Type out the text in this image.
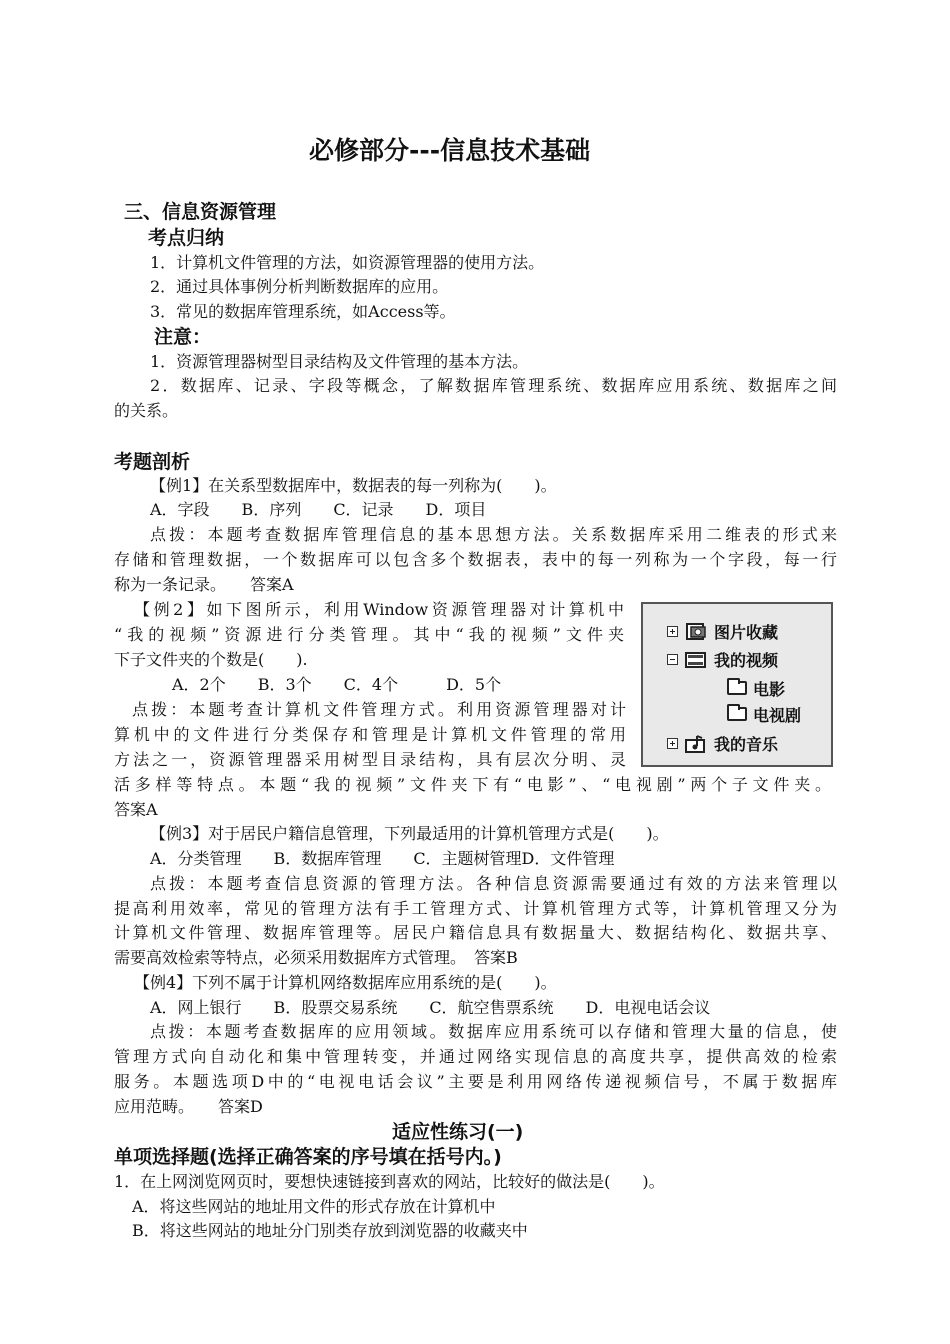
必修部分---信息技术基础
三、信息资源管理
考点归纳
1．计算机文件管理的方法，如资源管理器的使用方法。
2．通过具体事例分析判断数据库的应用。
3．常见的数据库管理系统，如Access等。
注意：
1．资源管理器树型目录结构及文件管理的基本方法。
2．数据库、记录、字段等概念，了解数据库管理系统、数据库应用系统、数据库之间
的关系。
考题剖析
【例1】在关系型数据库中，数据表的每一列称为(　　)。
A．字段　　B．序列　　C．记录　　D．项目
点拨：本题考查数据库管理信息的基本思想方法。关系数据库采用二维表的形式来
存储和管理数据，一个数据库可以包含多个数据表，表中的每一列称为一个字段，每一行
称为一条记录。　　答案A
【例2】如下图所示，利用Window资源管理器对计算机中
“我的视频”资源进行分类管理。其中“我的视频”文件夹
下子文件夹的个数是(　　).
A．2个　　B．3个　　C．4个　　　D．5个
点拨：本题考查计算机文件管理方式。利用资源管理器对计
算机中的文件进行分类保存和管理是计算机文件管理的常用
方法之一，资源管理器采用树型目录结构，具有层次分明、灵
活多样等特点。本题“我的视频”文件夹下有“电影”、“电视剧”两个子文件夹。
答案A
图片收藏
我的视频
电影
电视剧
我的音乐
【例3】对于居民户籍信息管理，下列最适用的计算机管理方式是(　　)。
A．分类管理　　B．数据库管理　　C．主题树管理D．文件管理
点拨：本题考查信息资源的管理方法。各种信息资源需要通过有效的方法来管理以
提高利用效率，常见的管理方法有手工管理方式、计算机管理方式等，计算机管理又分为
计算机文件管理、数据库管理等。居民户籍信息具有数据量大、数据结构化、数据共享、
需要高效检索等特点，必须采用数据库方式管理。　答案B
【例4】下列不属于计算机网络数据库应用系统的是(　　)。
A．网上银行　　B．股票交易系统　　C．航空售票系统　　D．电视电话会议
点拨：本题考查数据库的应用领域。数据库应用系统可以存储和管理大量的信息，使
管理方式向自动化和集中管理转变，并通过网络实现信息的高度共享，提供高效的检索
服务。本题选项D中的“电视电话会议”主要是利用网络传递视频信号，不属于数据库
应用范畴。　　答案D
适应性练习(一)
单项选择题(选择正确答案的序号填在括号内。)
1．在上网浏览网页时，要想快速链接到喜欢的网站，比较好的做法是(　　)。
A．将这些网站的地址用文件的形式存放在计算机中
B．将这些网站的地址分门别类存放到浏览器的收藏夹中
